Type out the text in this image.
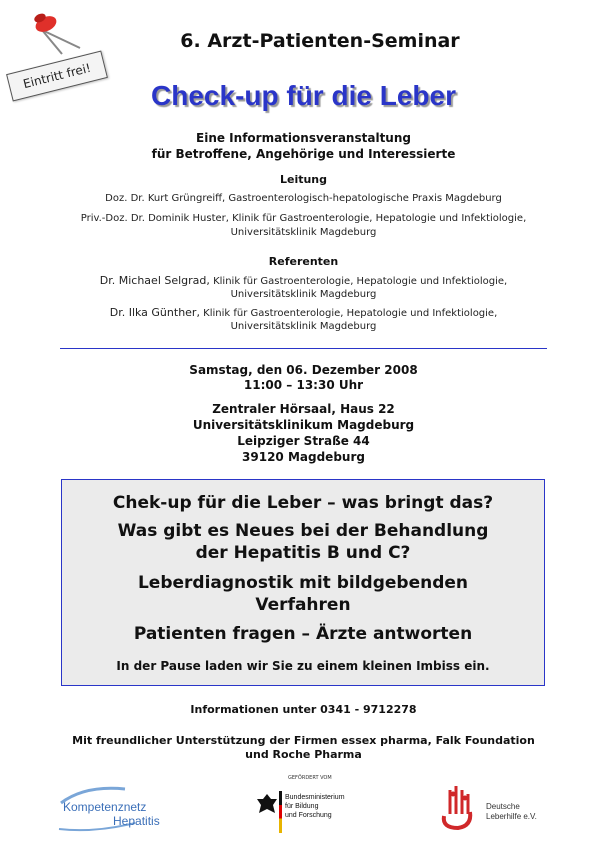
Eintritt frei!
6. Arzt-Patienten-Seminar
Check-up für die Leber
Eine Informationsveranstaltung
für Betroffene, Angehörige und Interessierte
Leitung
Doz. Dr. Kurt Grüngreiff, Gastroenterologisch-hepatologische Praxis Magdeburg
Priv.-Doz. Dr. Dominik Huster, Klinik für Gastroenterologie, Hepatologie und Infektiologie,
Universitätsklinik Magdeburg
Referenten
Dr. Michael Selgrad, Klinik für Gastroenterologie, Hepatologie und Infektiologie,
Universitätsklinik Magdeburg
Dr. Ilka Günther, Klinik für Gastroenterologie, Hepatologie und Infektiologie,
Universitätsklinik Magdeburg
Samstag, den 06. Dezember 2008
11:00 – 13:30 Uhr
Zentraler Hörsaal, Haus 22
Universitätsklinikum Magdeburg
Leipziger Straße 44
39120 Magdeburg
Chek-up für die Leber – was bringt das?
Was gibt es Neues bei der Behandlung
der Hepatitis B und C?
Leberdiagnostik mit bildgebenden
Verfahren
Patienten fragen – Ärzte antworten
In der Pause laden wir Sie zu einem kleinen Imbiss ein.
Informationen unter 0341 - 9712278
Mit freundlicher Unterstützung der Firmen essex pharma, Falk Foundation
und Roche Pharma
Kompetenznetz
Hepatitis
GEFÖRDERT VOM
Bundesministerium
für Bildung
und Forschung
Deutsche
Leberhilfe e.V.
